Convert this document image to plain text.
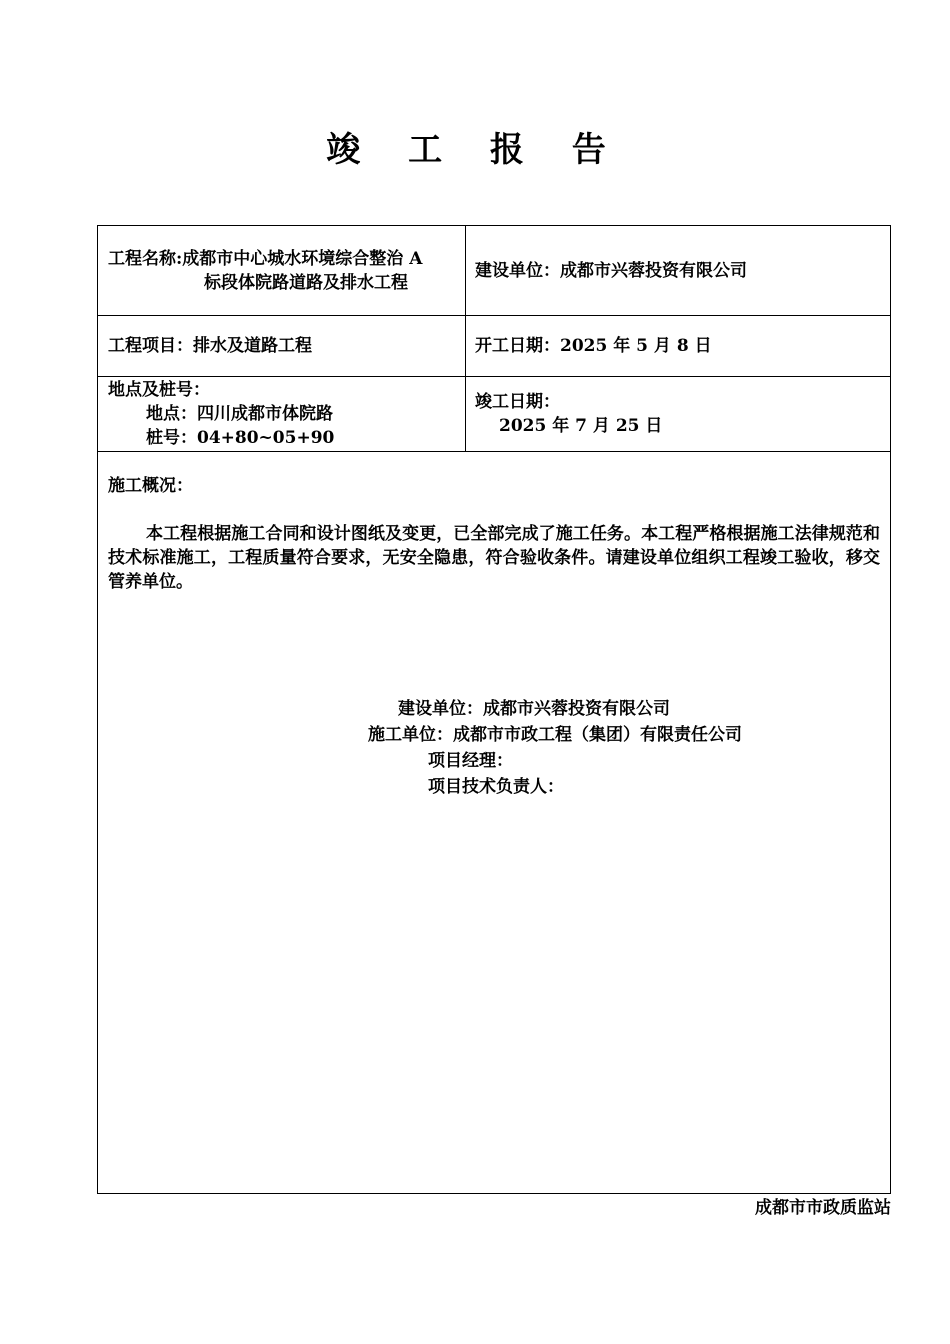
竣 工 报 告
工程名称:成都市中心城水环境综合整治 A
标段体院路道路及排水工程
建设单位：成都市兴蓉投资有限公司
工程项目：排水及道路工程	开工日期：2025 年 5 月 8 日
地点及桩号：
地点：四川成都市体院路
桩号：04+80~05+90
竣工日期：
2025 年 7 月 25 日
施工概况：
本工程根据施工合同和设计图纸及变更，已全部完成了施工任务。本工程严格根据施工法律规范和技术标准施工，工程质量符合要求，无安全隐患，符合验收条件。请建设单位组织工程竣工验收，移交管养单位。
建设单位：成都市兴蓉投资有限公司
施工单位：成都市市政工程（集团）有限责任公司
项目经理：
项目技术负责人：
成都市市政质监站
